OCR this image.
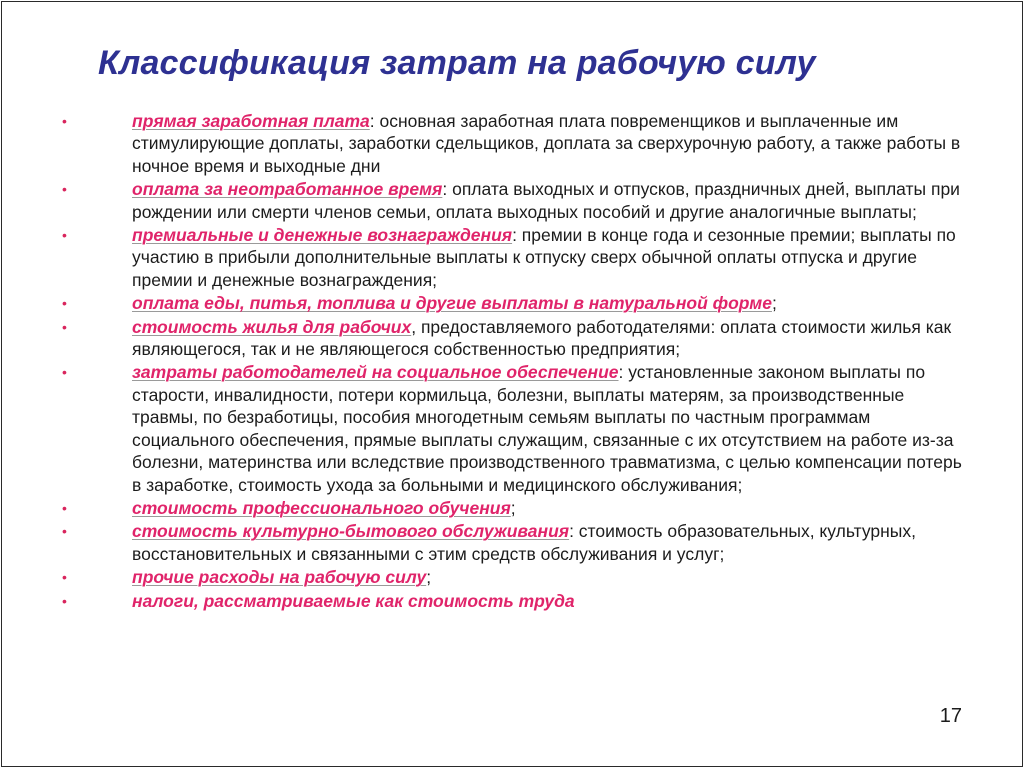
Классификация затрат на рабочую силу
•	прямая заработная плата: основная заработная плата повременщиков и выплаченные им стимулирующие доплаты, заработки сдельщиков, доплата за сверхурочную работу, а также работы в ночное время и выходные дни
•	оплата за неотработанное время: оплата выходных и отпусков, праздничных дней, выплаты при рождении или смерти членов семьи, оплата выходных пособий и другие аналогичные выплаты;
•	премиальные и денежные вознаграждения: премии в конце года и сезонные премии; выплаты по участию в прибыли дополнительные выплаты к отпуску сверх обычной оплаты отпуска и другие премии и денежные вознаграждения;
•	оплата еды, питья, топлива и другие выплаты в натуральной форме;
•	стоимость жилья для рабочих, предоставляемого работодателями: оплата стоимости жилья как являющегося, так и не являющегося собственностью предприятия;
•	затраты работодателей на социальное обеспечение: установленные законом выплаты по старости, инвалидности, потери кормильца, болезни, выплаты матерям, за производственные травмы, по безработицы, пособия многодетным семьям выплаты по частным программам социального обеспечения, прямые выплаты служащим, связанные с их отсутствием на работе из-за болезни, материнства или вследствие производственного травматизма, с целью компенсации потерь в заработке, стоимость ухода за больными и медицинского обслуживания;
•	стоимость профессионального обучения;
•	стоимость культурно-бытового обслуживания: стоимость образовательных, культурных, восстановительных и связанными с этим средств обслуживания и услуг;
•	прочие расходы на рабочую силу;
•	налоги, рассматриваемые как стоимость труда
17
